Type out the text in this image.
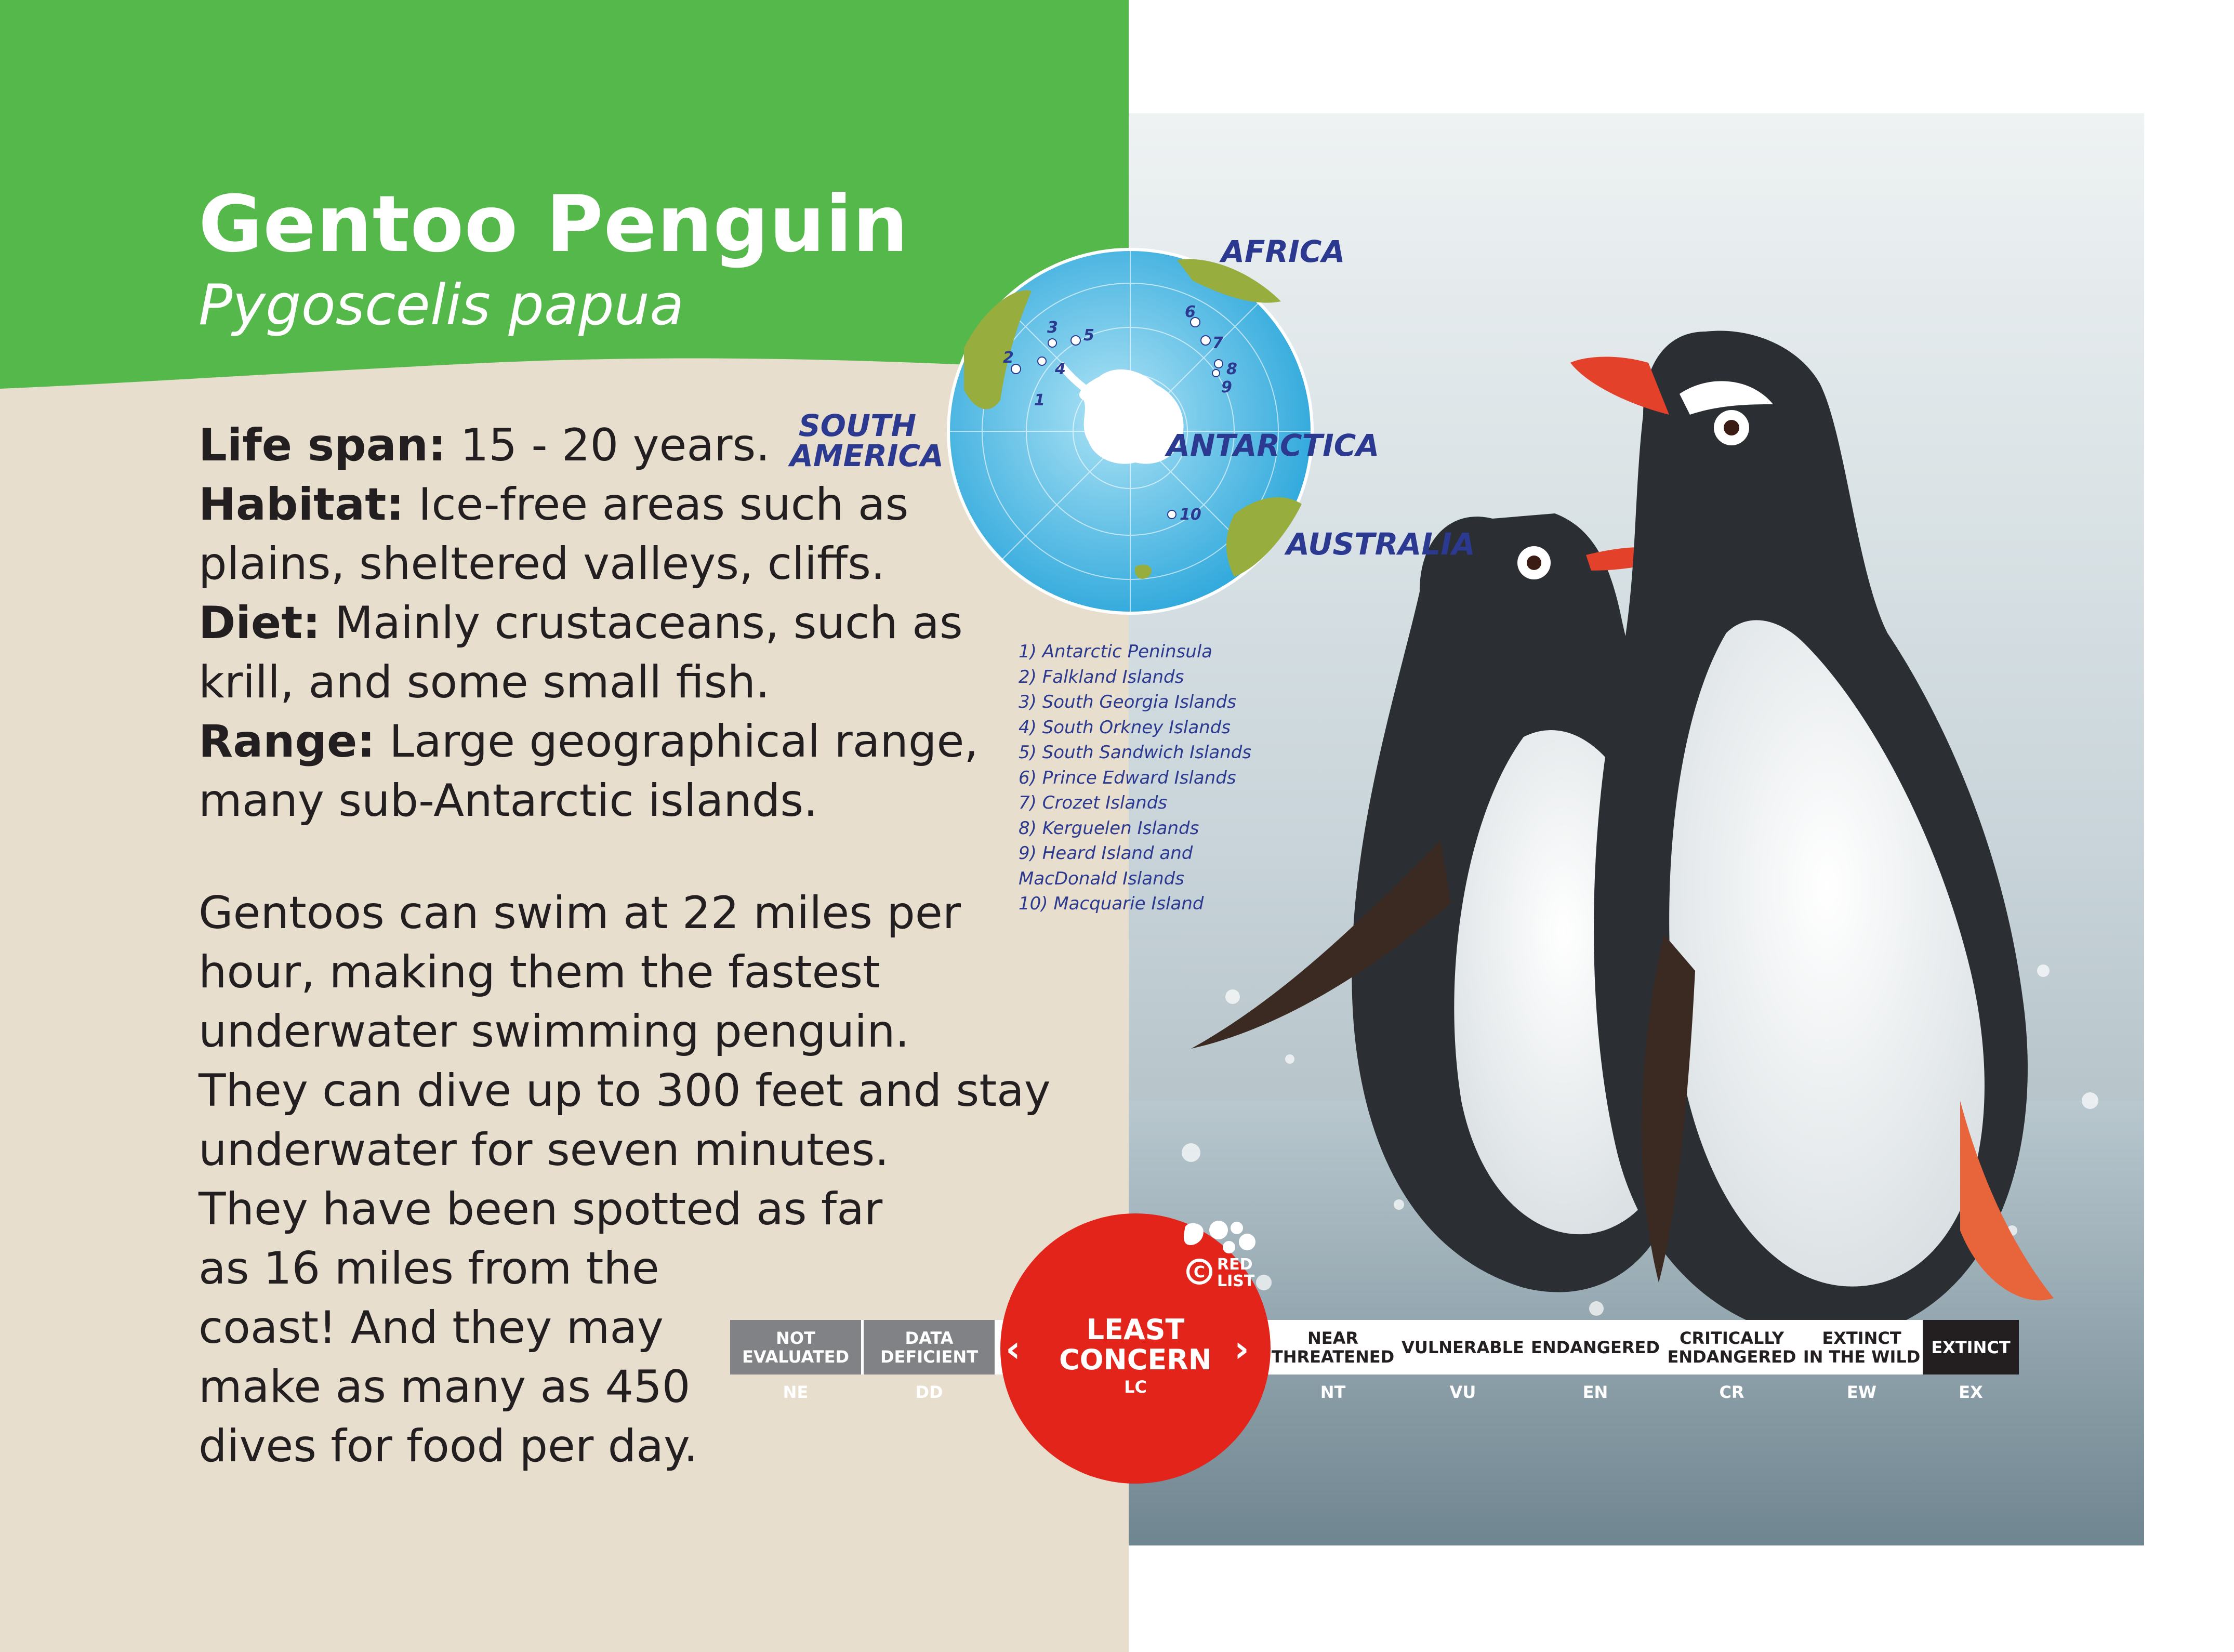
Gentoo Penguin
Pygoscelis papua
Life span: 15 - 20 years.
Habitat: Ice-free areas such as
plains, sheltered valleys, cliffs.
Diet: Mainly crustaceans, such as
krill, and some small fish.
Range: Large geographical range,
many sub-Antarctic islands.
Gentoos can swim at 22 miles per
hour, making them the fastest
underwater swimming penguin.
They can dive up to 300 feet and stay
underwater for seven minutes.
They have been spotted as far
as 16 miles from the
coast! And they may
make as many as 450
dives for food per day.
1
2
3
4
5
6
7
8
9
10
AFRICA
SOUTH
AMERICA	ANTARCTICA
AUSTRALIA
1) Antarctic Peninsula
2) Falkland Islands
3) South Georgia Islands
4) South Orkney Islands
5) South Sandwich Islands
6) Prince Edward Islands
7) Crozet Islands
8) Kerguelen Islands
9) Heard Island and
MacDonald Islands
10) Macquarie Island
NOT
EVALUATED
DATA
DEFICIENT
NEAR
THREATENED VULNERABLE ENDANGERED	CRITICALLY
ENDANGERED
EXTINCT
IN THE WILD EXTINCT
NE	DD	NT	VU	EN	CR	EW	EX
LEAST
CONCERN
LC
‹	›
C RED
LIST
